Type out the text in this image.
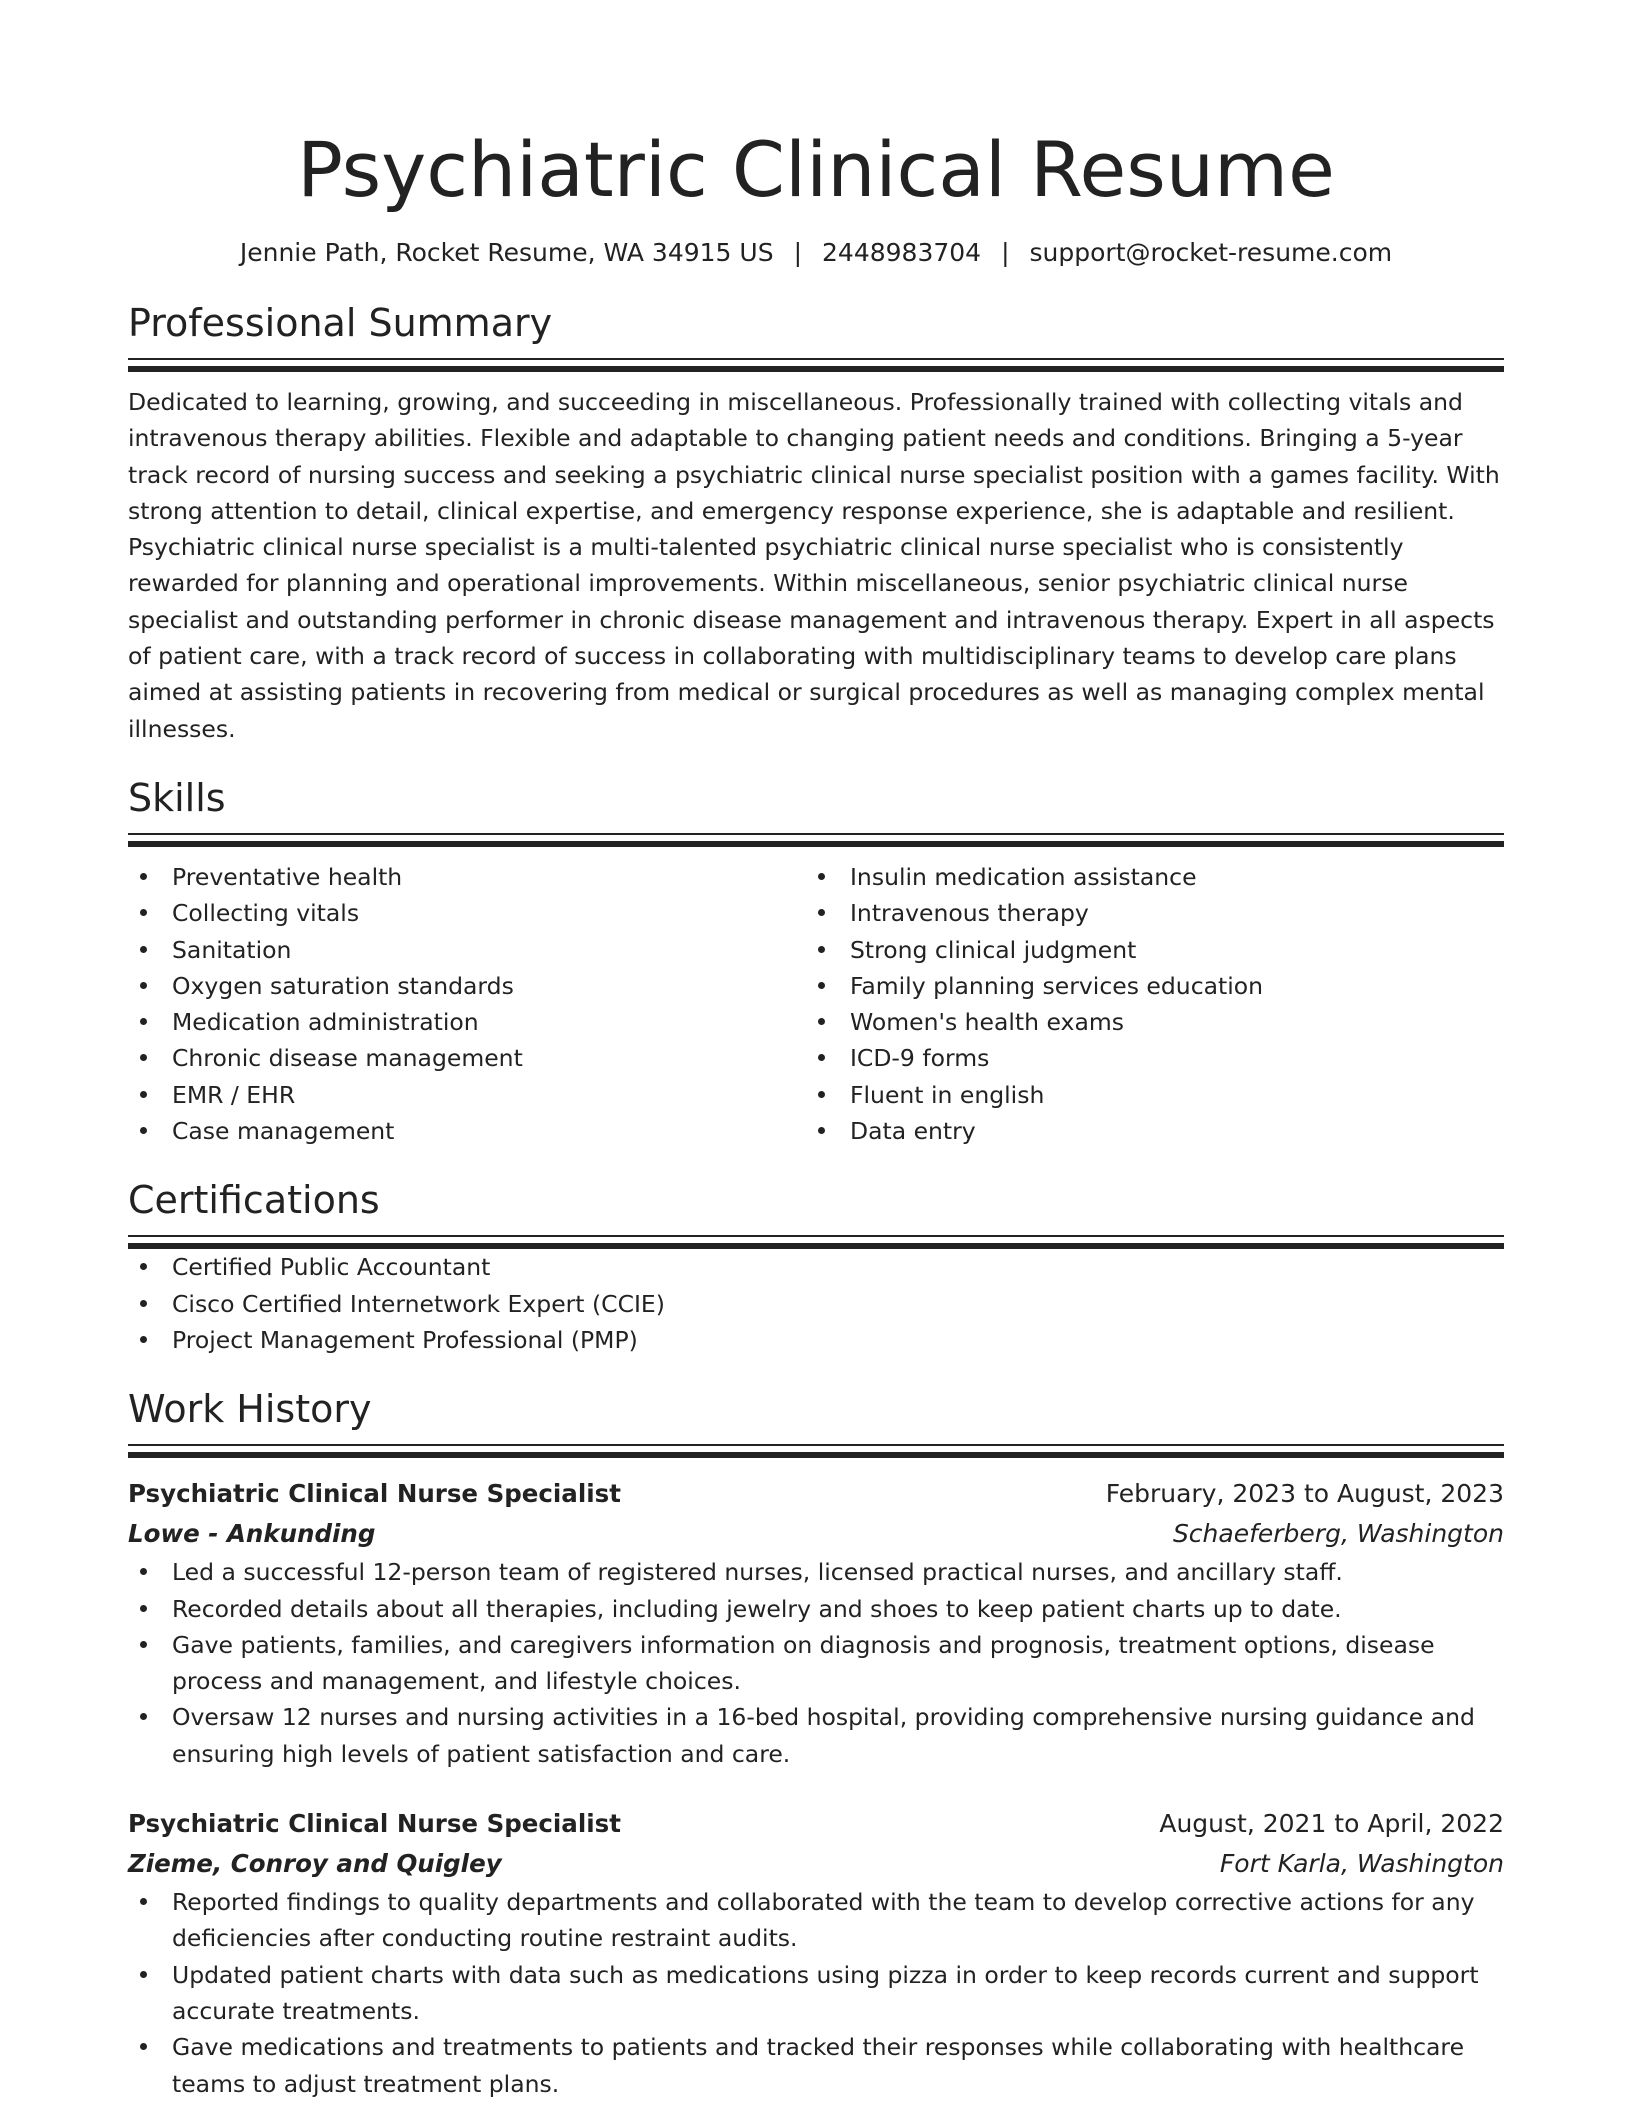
Psychiatric Clinical Resume
Jennie Path, Rocket Resume, WA 34915 US | 2448983704 | support@rocket-resume.com
Professional Summary

Dedicated to learning, growing, and succeeding in miscellaneous. Professionally trained with collecting vitals and intravenous therapy abilities. Flexible and adaptable to changing patient needs and conditions. Bringing a 5-year track record of nursing success and seeking a psychiatric clinical nurse specialist position with a games facility. With strong attention to detail, clinical expertise, and emergency response experience, she is adaptable and resilient. Psychiatric clinical nurse specialist is a multi-talented psychiatric clinical nurse specialist who is consistently rewarded for planning and operational improvements. Within miscellaneous, senior psychiatric clinical nurse specialist and outstanding performer in chronic disease management and intravenous therapy. Expert in all aspects of patient care, with a track record of success in collaborating with multidisciplinary teams to develop care plans aimed at assisting patients in recovering from medical or surgical procedures as well as managing complex mental illnesses.

Skills
Preventative health
Collecting vitals
Sanitation
Oxygen saturation standards
Medication administration
Chronic disease management
EMR / EHR
Case management
Insulin medication assistance
Intravenous therapy
Strong clinical judgment
Family planning services education
Women's health exams
ICD-9 forms
Fluent in english
Data entry
Certifications
Certified Public Accountant
Cisco Certified Internetwork Expert (CCIE)
Project Management Professional (PMP)
Work History
Psychiatric Clinical Nurse Specialist	February, 2023 to August, 2023
Lowe - Ankunding	Schaeferberg, Washington
Led a successful 12-person team of registered nurses, licensed practical nurses, and ancillary staff.
Recorded details about all therapies, including jewelry and shoes to keep patient charts up to date.
Gave patients, families, and caregivers information on diagnosis and prognosis, treatment options, disease process and management, and lifestyle choices.
Oversaw 12 nurses and nursing activities in a 16-bed hospital, providing comprehensive nursing guidance and ensuring high levels of patient satisfaction and care.
Psychiatric Clinical Nurse Specialist	August, 2021 to April, 2022
Zieme, Conroy and Quigley	Fort Karla, Washington
Reported findings to quality departments and collaborated with the team to develop corrective actions for any deficiencies after conducting routine restraint audits.
Updated patient charts with data such as medications using pizza in order to keep records current and support accurate treatments.
Gave medications and treatments to patients and tracked their responses while collaborating with healthcare teams to adjust treatment plans.
